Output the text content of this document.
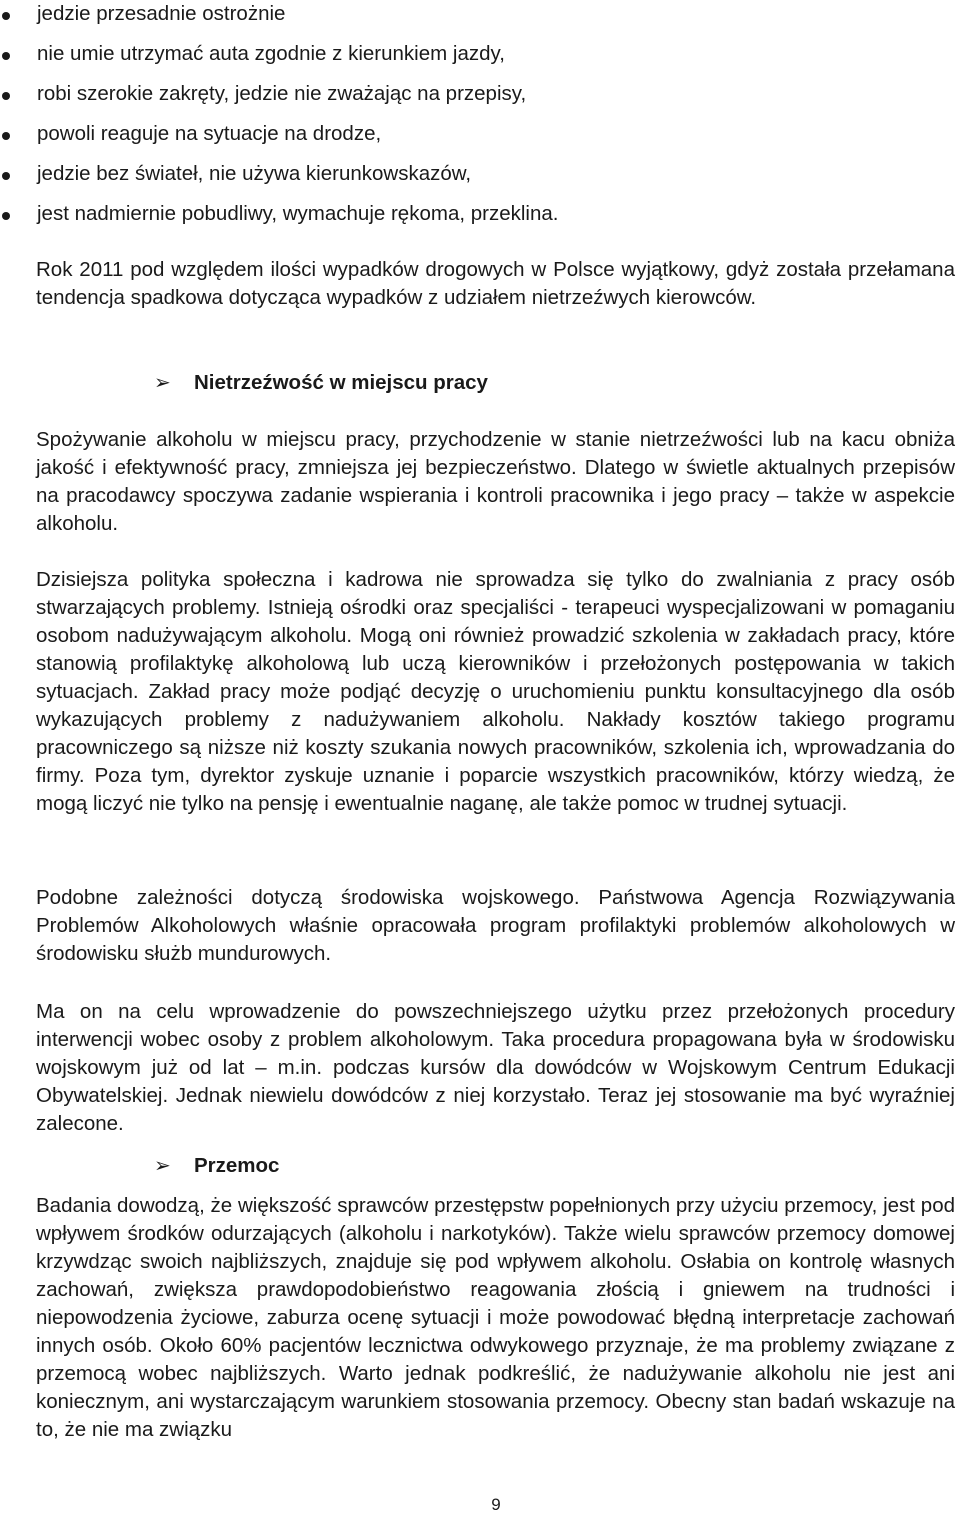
jedzie przesadnie ostrożnie
nie umie utrzymać auta zgodnie z kierunkiem jazdy,
robi szerokie zakręty, jedzie nie zważając na przepisy,
powoli reaguje na sytuacje na drodze,
jedzie bez świateł, nie używa kierunkowskazów,
jest nadmiernie pobudliwy, wymachuje rękoma, przeklina.

Rok 2011 pod względem ilości wypadków drogowych w Polsce wyjątkowy, gdyż została przełamana tendencja spadkowa dotycząca wypadków z udziałem nietrzeźwych kierowców.

➢ Nietrzeźwość w miejscu pracy

Spożywanie alkoholu w miejscu pracy, przychodzenie w stanie nietrzeźwości lub na kacu obniża jakość i efektywność pracy, zmniejsza jej bezpieczeństwo. Dlatego w świetle aktualnych przepisów na pracodawcy spoczywa zadanie wspierania i kontroli pracownika i jego pracy – także w aspekcie alkoholu.

Dzisiejsza polityka społeczna i kadrowa nie sprowadza się tylko do zwalniania z pracy osób stwarzających problemy. Istnieją ośrodki oraz specjaliści - terapeuci wyspecjalizowani w pomaganiu osobom nadużywającym alkoholu. Mogą oni również prowadzić szkolenia w zakładach pracy, które stanowią profilaktykę alkoholową lub uczą kierowników i przełożonych postępowania w takich sytuacjach. Zakład pracy może podjąć decyzję o uruchomieniu punktu konsultacyjnego dla osób wykazujących problemy z nadużywaniem alkoholu. Nakłady kosztów takiego programu pracowniczego są niższe niż koszty szukania nowych pracowników, szkolenia ich, wprowadzania do firmy. Poza tym, dyrektor zyskuje uznanie i poparcie wszystkich pracowników, którzy wiedzą, że mogą liczyć nie tylko na pensję i ewentualnie naganę, ale także pomoc w trudnej sytuacji.

Podobne zależności dotyczą środowiska wojskowego. Państwowa Agencja Rozwiązywania Problemów Alkoholowych właśnie opracowała program profilaktyki problemów alkoholowych w środowisku służb mundurowych.

Ma on na celu wprowadzenie do powszechniejszego użytku przez przełożonych procedury interwencji wobec osoby z problem alkoholowym. Taka procedura propagowana była w środowisku wojskowym już od lat – m.in. podczas kursów dla dowódców w Wojskowym Centrum Edukacji Obywatelskiej. Jednak niewielu dowódców z niej korzystało. Teraz jej stosowanie ma być wyraźniej zalecone.

➢ Przemoc

Badania dowodzą, że większość sprawców przestępstw popełnionych przy użyciu przemocy, jest pod wpływem środków odurzających (alkoholu i narkotyków). Także wielu sprawców przemocy domowej krzywdząc swoich najbliższych, znajduje się pod wpływem alkoholu. Osłabia on kontrolę własnych zachowań, zwiększa prawdopodobieństwo reagowania złością i gniewem na trudności i niepowodzenia życiowe, zaburza ocenę sytuacji i może powodować błędną interpretacje zachowań innych osób. Około 60% pacjentów lecznictwa odwykowego przyznaje, że ma problemy związane z przemocą wobec najbliższych. Warto jednak podkreślić, że nadużywanie alkoholu nie jest ani koniecznym, ani wystarczającym warunkiem stosowania przemocy. Obecny stan badań wskazuje na to, że nie ma związku

9
